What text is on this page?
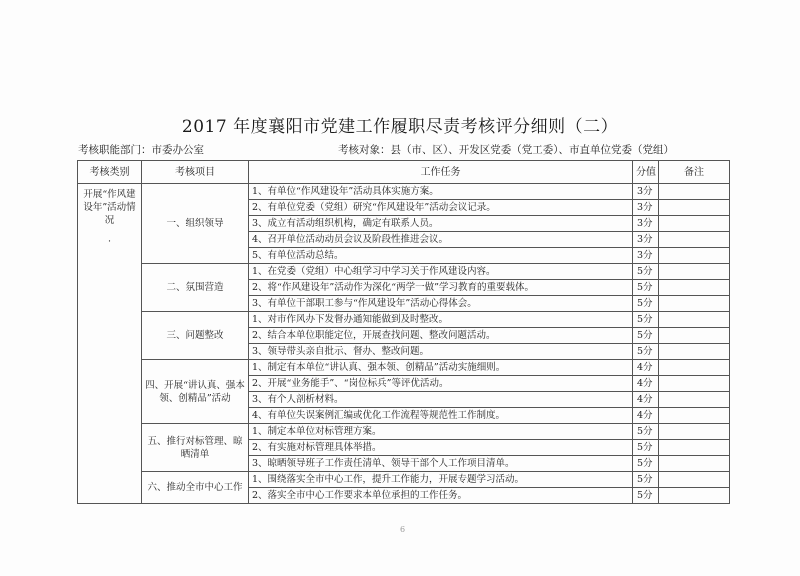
2017 年度襄阳市党建工作履职尽责考核评分细则（二）
考核职能部门：市委办公室	考核对象：县（市、区）、开发区党委（党工委）、市直单位党委（党组）
考核类别	考核项目	工作任务	分值	备注

开展“作风建设年”活动情况
·	一、组织领导	1、有单位“作风建设年”活动具体实施方案。	3分	
		2、有单位党委（党组）研究“作风建设年”活动会议记录。	3分	
		3、成立有活动组织机构，确定有联系人员。	3分	
		4、召开单位活动动员会议及阶段性推进会议。	3分	
		5、有单位活动总结。	3分	
	二、氛围营造	1、在党委（党组）中心组学习中学习关于作风建设内容。	5分	
		2、将“作风建设年”活动作为深化“两学一做”学习教育的重要载体。	5分	
		3、有单位干部职工参与“作风建设年”活动心得体会。	5分	
	三、问题整改	1、对市作风办下发督办通知能做到及时整改。	5分	
		2、结合本单位职能定位，开展查找问题、整改问题活动。	5分	
		3、领导带头亲自批示、督办、整改问题。	5分	
	四、开展“讲认真、强本领、创精品”活动	1、制定有本单位“讲认真、强本领、创精品”活动实施细则。	4分	
		2、开展“业务能手”、“岗位标兵”等评优活动。	4分	
		3、有个人剖析材料。	4分	
		4、有单位失误案例汇编或优化工作流程等规范性工作制度。	4分	
	五、推行对标管理、晾晒清单	1、制定本单位对标管理方案。	5分	
		2、有实施对标管理具体举措。	5分	
		3、晾晒领导班子工作责任清单、领导干部个人工作项目清单。	5分	
	六、推动全市中心工作	1、围绕落实全市中心工作，提升工作能力，开展专题学习活动。	5分	
		2、落实全市中心工作要求本单位承担的工作任务。	5分	
6
